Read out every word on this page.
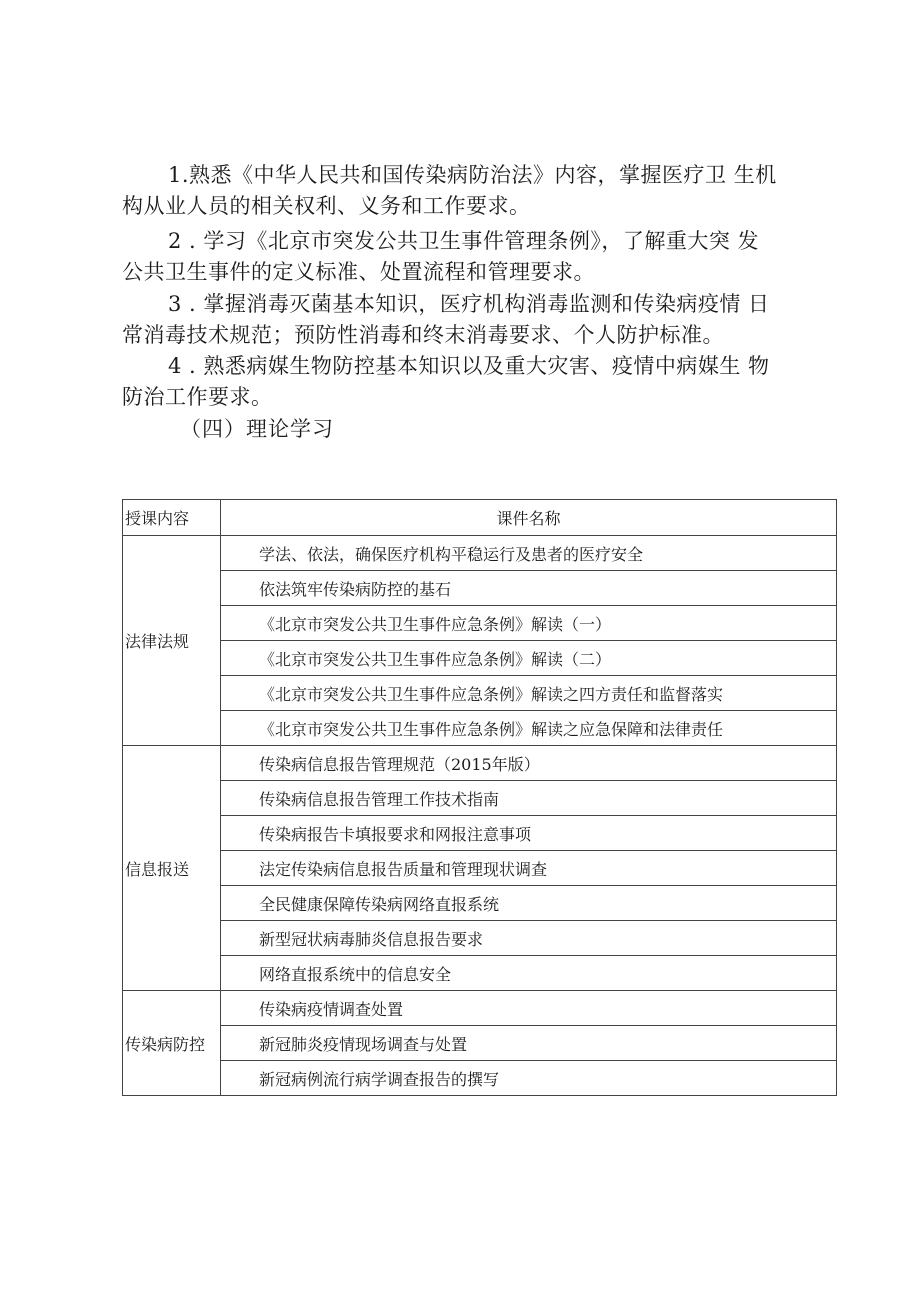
1.熟悉《中华人民共和国传染病防治法》内容，掌握医疗卫 生机
构从业人员的相关权利、义务和工作要求。
2 . 学习《北京市突发公共卫生事件管理条例》，了解重大突 发
公共卫生事件的定义标准、处置流程和管理要求。
3 . 掌握消毒灭菌基本知识，医疗机构消毒监测和传染病疫情 日
常消毒技术规范；预防性消毒和终末消毒要求、个人防护标准。
4 . 熟悉病媒生物防控基本知识以及重大灾害、疫情中病媒生 物
防治工作要求。
（四）理论学习
授课内容	课件名称
法律法规	学法、依法，确保医疗机构平稳运行及患者的医疗安全
	依法筑牢传染病防控的基石
	《北京市突发公共卫生事件应急条例》解读（一）
	《北京市突发公共卫生事件应急条例》解读（二）
	《北京市突发公共卫生事件应急条例》解读之四方责任和监督落实
	《北京市突发公共卫生事件应急条例》解读之应急保障和法律责任
信息报送	传染病信息报告管理规范（2015年版）
	传染病信息报告管理工作技术指南
	传染病报告卡填报要求和网报注意事项
	法定传染病信息报告质量和管理现状调查
	全民健康保障传染病网络直报系统
	新型冠状病毒肺炎信息报告要求
	网络直报系统中的信息安全
传染病防控	传染病疫情调查处置
	新冠肺炎疫情现场调查与处置
	新冠病例流行病学调查报告的撰写
